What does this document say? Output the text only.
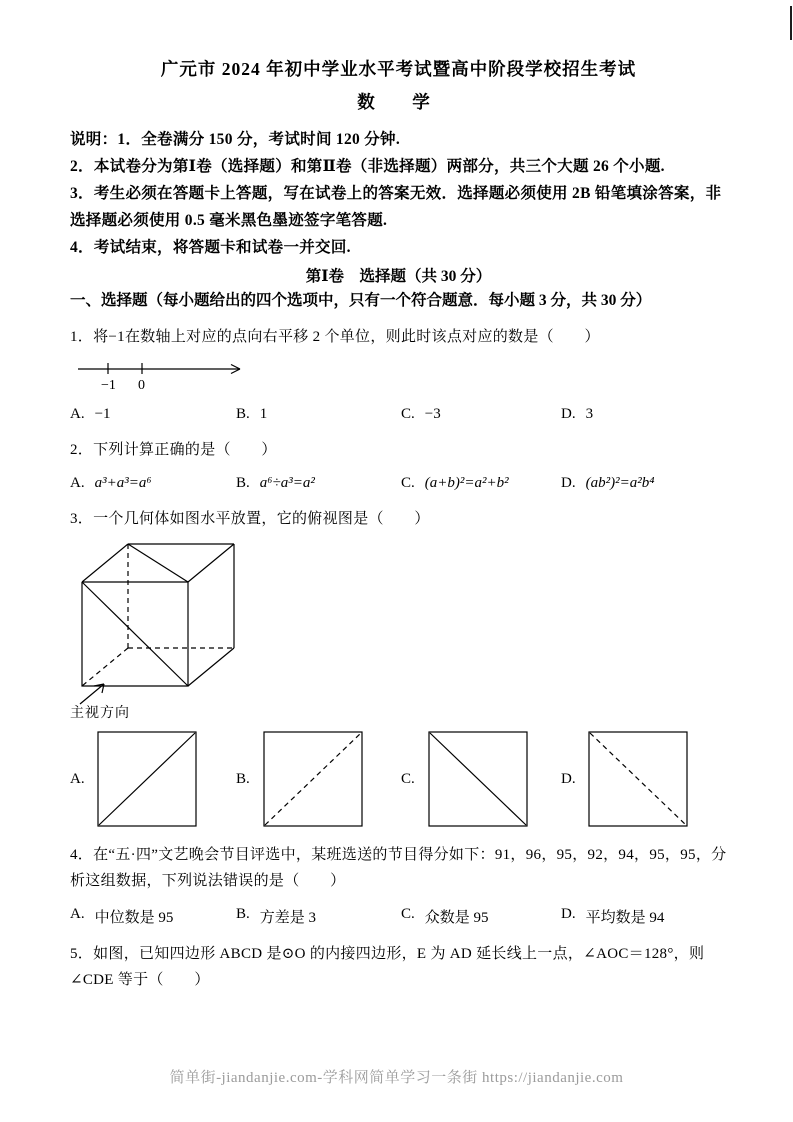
广元市 2024 年初中学业水平考试暨高中阶段学校招生考试
数　学

说明：1．全卷满分 150 分，考试时间 120 分钟.

2．本试卷分为第Ⅰ卷（选择题）和第Ⅱ卷（非选择题）两部分，共三个大题 26 个小题.

3．考生必须在答题卡上答题，写在试卷上的答案无效．选择题必须使用 2B 铅笔填涂答案，非选择题必须使用 0.5 毫米黑色墨迹签字笔答题.

4．考试结束，将答题卡和试卷一并交回.

第Ⅰ卷　选择题（共 30 分）
一、选择题（每小题给出的四个选项中，只有一个符合题意．每小题 3 分，共 30 分）

1．将−1在数轴上对应的点向右平移 2 个单位，则此时该点对应的数是（　　）

−1 0
A. −1	B. 1	C. −3	D. 3

2．下列计算正确的是（　　）

A. a³+a³=a⁶	B. a⁶÷a³=a²	C. (a+b)²=a²+b²	D. (ab²)²=a²b⁴

3．一个几何体如图水平放置，它的俯视图是（　　）

主视方向
A.	B.	C.	D.

4．在“五·四”文艺晚会节目评选中，某班选送的节目得分如下：91，96，95，92，94，95，95，分析这组数据，下列说法错误的是（　　）

A. 中位数是 95	B. 方差是 3	C. 众数是 95	D. 平均数是 94

5．如图，已知四边形 ABCD 是⊙O 的内接四边形，E 为 AD 延长线上一点，∠AOC＝128°，则∠CDE 等于（　　）

简单街-jiandanjie.com-学科网简单学习一条街 https://jiandanjie.com
